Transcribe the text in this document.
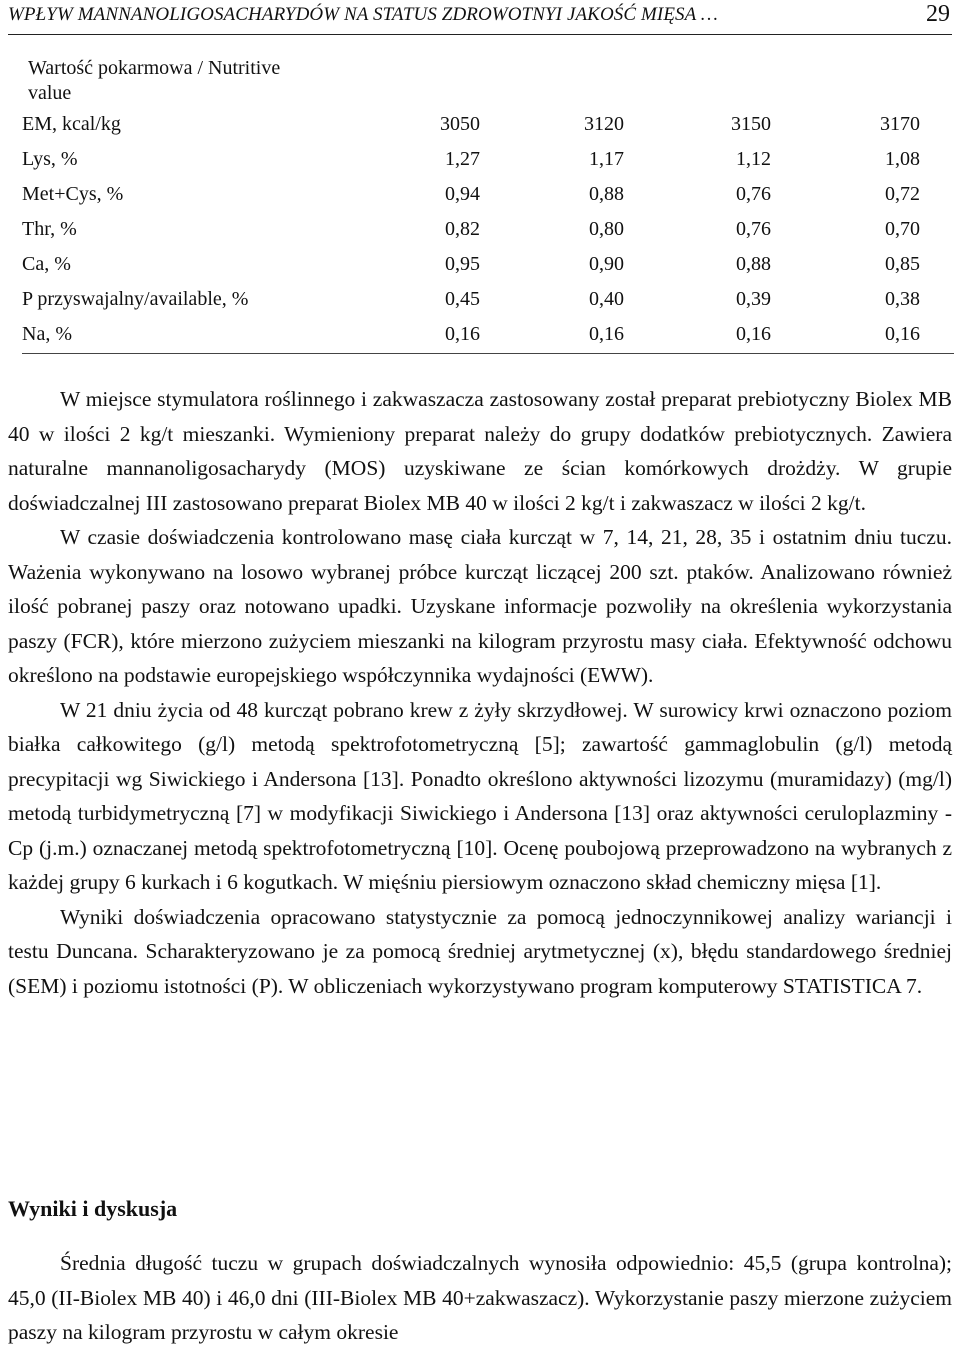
WPŁYW MANNANOLIGOSACHARYDÓW NA STATUS ZDROWOTNYI JAKOŚĆ MIĘSA …	29
Wartość pokarmowa / Nutritive
value
EM, kcal/kg	3050	3120	3150	3170
Lys, %	1,27	1,17	1,12	1,08
Met+Cys, %	0,94	0,88	0,76	0,72
Thr, %	0,82	0,80	0,76	0,70
Ca, %	0,95	0,90	0,88	0,85
P przyswajalny/available, %	0,45	0,40	0,39	0,38
Na, %	0,16	0,16	0,16	0,16

W miejsce stymulatora roślinnego i zakwaszacza zastosowany został preparat prebiotyczny Biolex MB 40 w ilości 2 kg/t mieszanki. Wymieniony preparat należy do grupy dodatków prebiotycznych. Zawiera naturalne mannanoligosacharydy (MOS) uzyskiwane ze ścian komórkowych drożdży. W grupie doświadczalnej III zastosowano preparat Biolex MB 40 w ilości 2 kg/t i zakwaszacz w ilości 2 kg/t.

W czasie doświadczenia kontrolowano masę ciała kurcząt w 7, 14, 21, 28, 35 i ostatnim dniu tuczu. Ważenia wykonywano na losowo wybranej próbce kurcząt liczącej 200 szt. ptaków. Analizowano również ilość pobranej paszy oraz notowano upadki. Uzyskane informacje pozwoliły na określenia wykorzystania paszy (FCR), które mierzono zużyciem mieszanki na kilogram przyrostu masy ciała. Efektywność odchowu określono na podstawie europejskiego współczynnika wydajności (EWW).

W 21 dniu życia od 48 kurcząt pobrano krew z żyły skrzydłowej. W surowicy krwi oznaczono poziom białka całkowitego (g/l) metodą spektrofotometryczną [5]; zawartość gammaglobulin (g/l) metodą precypitacji wg Siwickiego i Andersona [13]. Ponadto określono aktywności lizozymu (muramidazy) (mg/l) metodą turbidymetryczną [7] w modyfikacji Siwickiego i Andersona [13] oraz aktywności ceruloplazminy - Cp (j.m.) oznaczanej metodą spektrofotometryczną [10]. Ocenę poubojową przeprowadzono na wybranych z każdej grupy 6 kurkach i 6 kogutkach. W mięśniu piersiowym oznaczono skład chemiczny mięsa [1].

Wyniki doświadczenia opracowano statystycznie za pomocą jednoczynnikowej analizy wariancji i testu Duncana. Scharakteryzowano je za pomocą średniej arytmetycznej (x), błędu standardowego średniej (SEM) i poziomu istotności (P). W obliczeniach wykorzystywano program komputerowy STATISTICA 7.

Wyniki i dyskusja

Średnia długość tuczu w grupach doświadczalnych wynosiła odpowiednio: 45,5 (grupa kontrolna); 45,0 (II-Biolex MB 40) i 46,0 dni (III-Biolex MB 40+zakwaszacz). Wykorzystanie paszy mierzone zużyciem paszy na kilogram przyrostu w całym okresie
